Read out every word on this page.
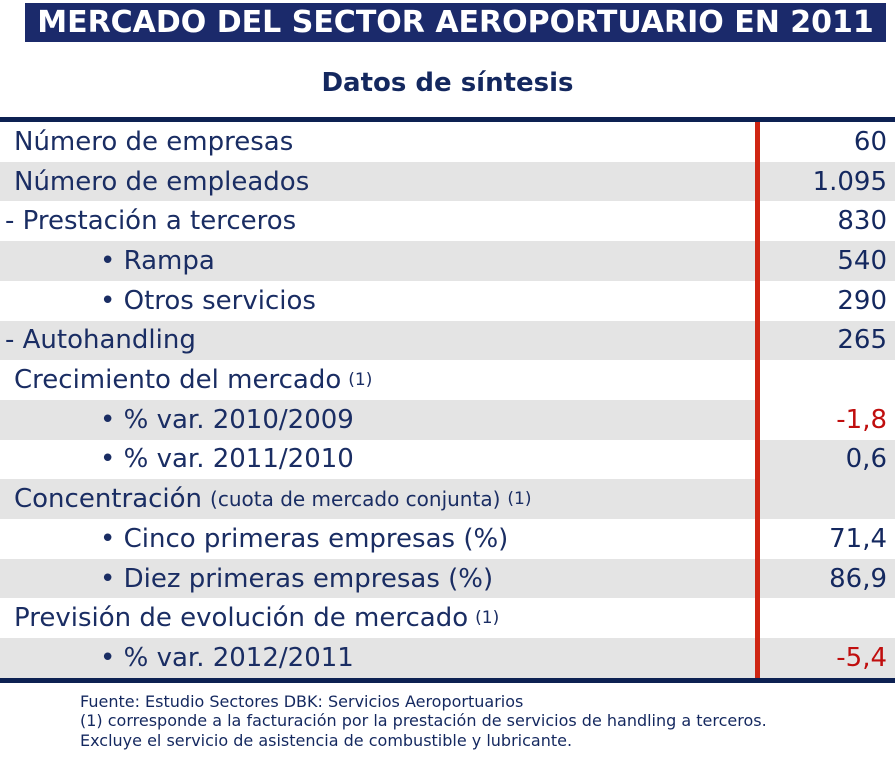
MERCADO DEL SECTOR AEROPORTUARIO EN 2011
Datos de síntesis
Número de empresas	60
Número de empleados	1.095
- Prestación a terceros	830
• Rampa	540
• Otros servicios	290
- Autohandling	265
Crecimiento del mercado (1)
• % var. 2010/2009	-1,8
• % var. 2011/2010	0,6
Concentración (cuota de mercado conjunta) (1)
• Cinco primeras empresas (%)	71,4
• Diez primeras empresas (%)	86,9
Previsión de evolución de mercado (1)
• % var. 2012/2011	-5,4
Fuente: Estudio Sectores DBK: Servicios Aeroportuarios
(1) corresponde a la facturación por la prestación de servicios de handling a terceros.
Excluye el servicio de asistencia de combustible y lubricante.
